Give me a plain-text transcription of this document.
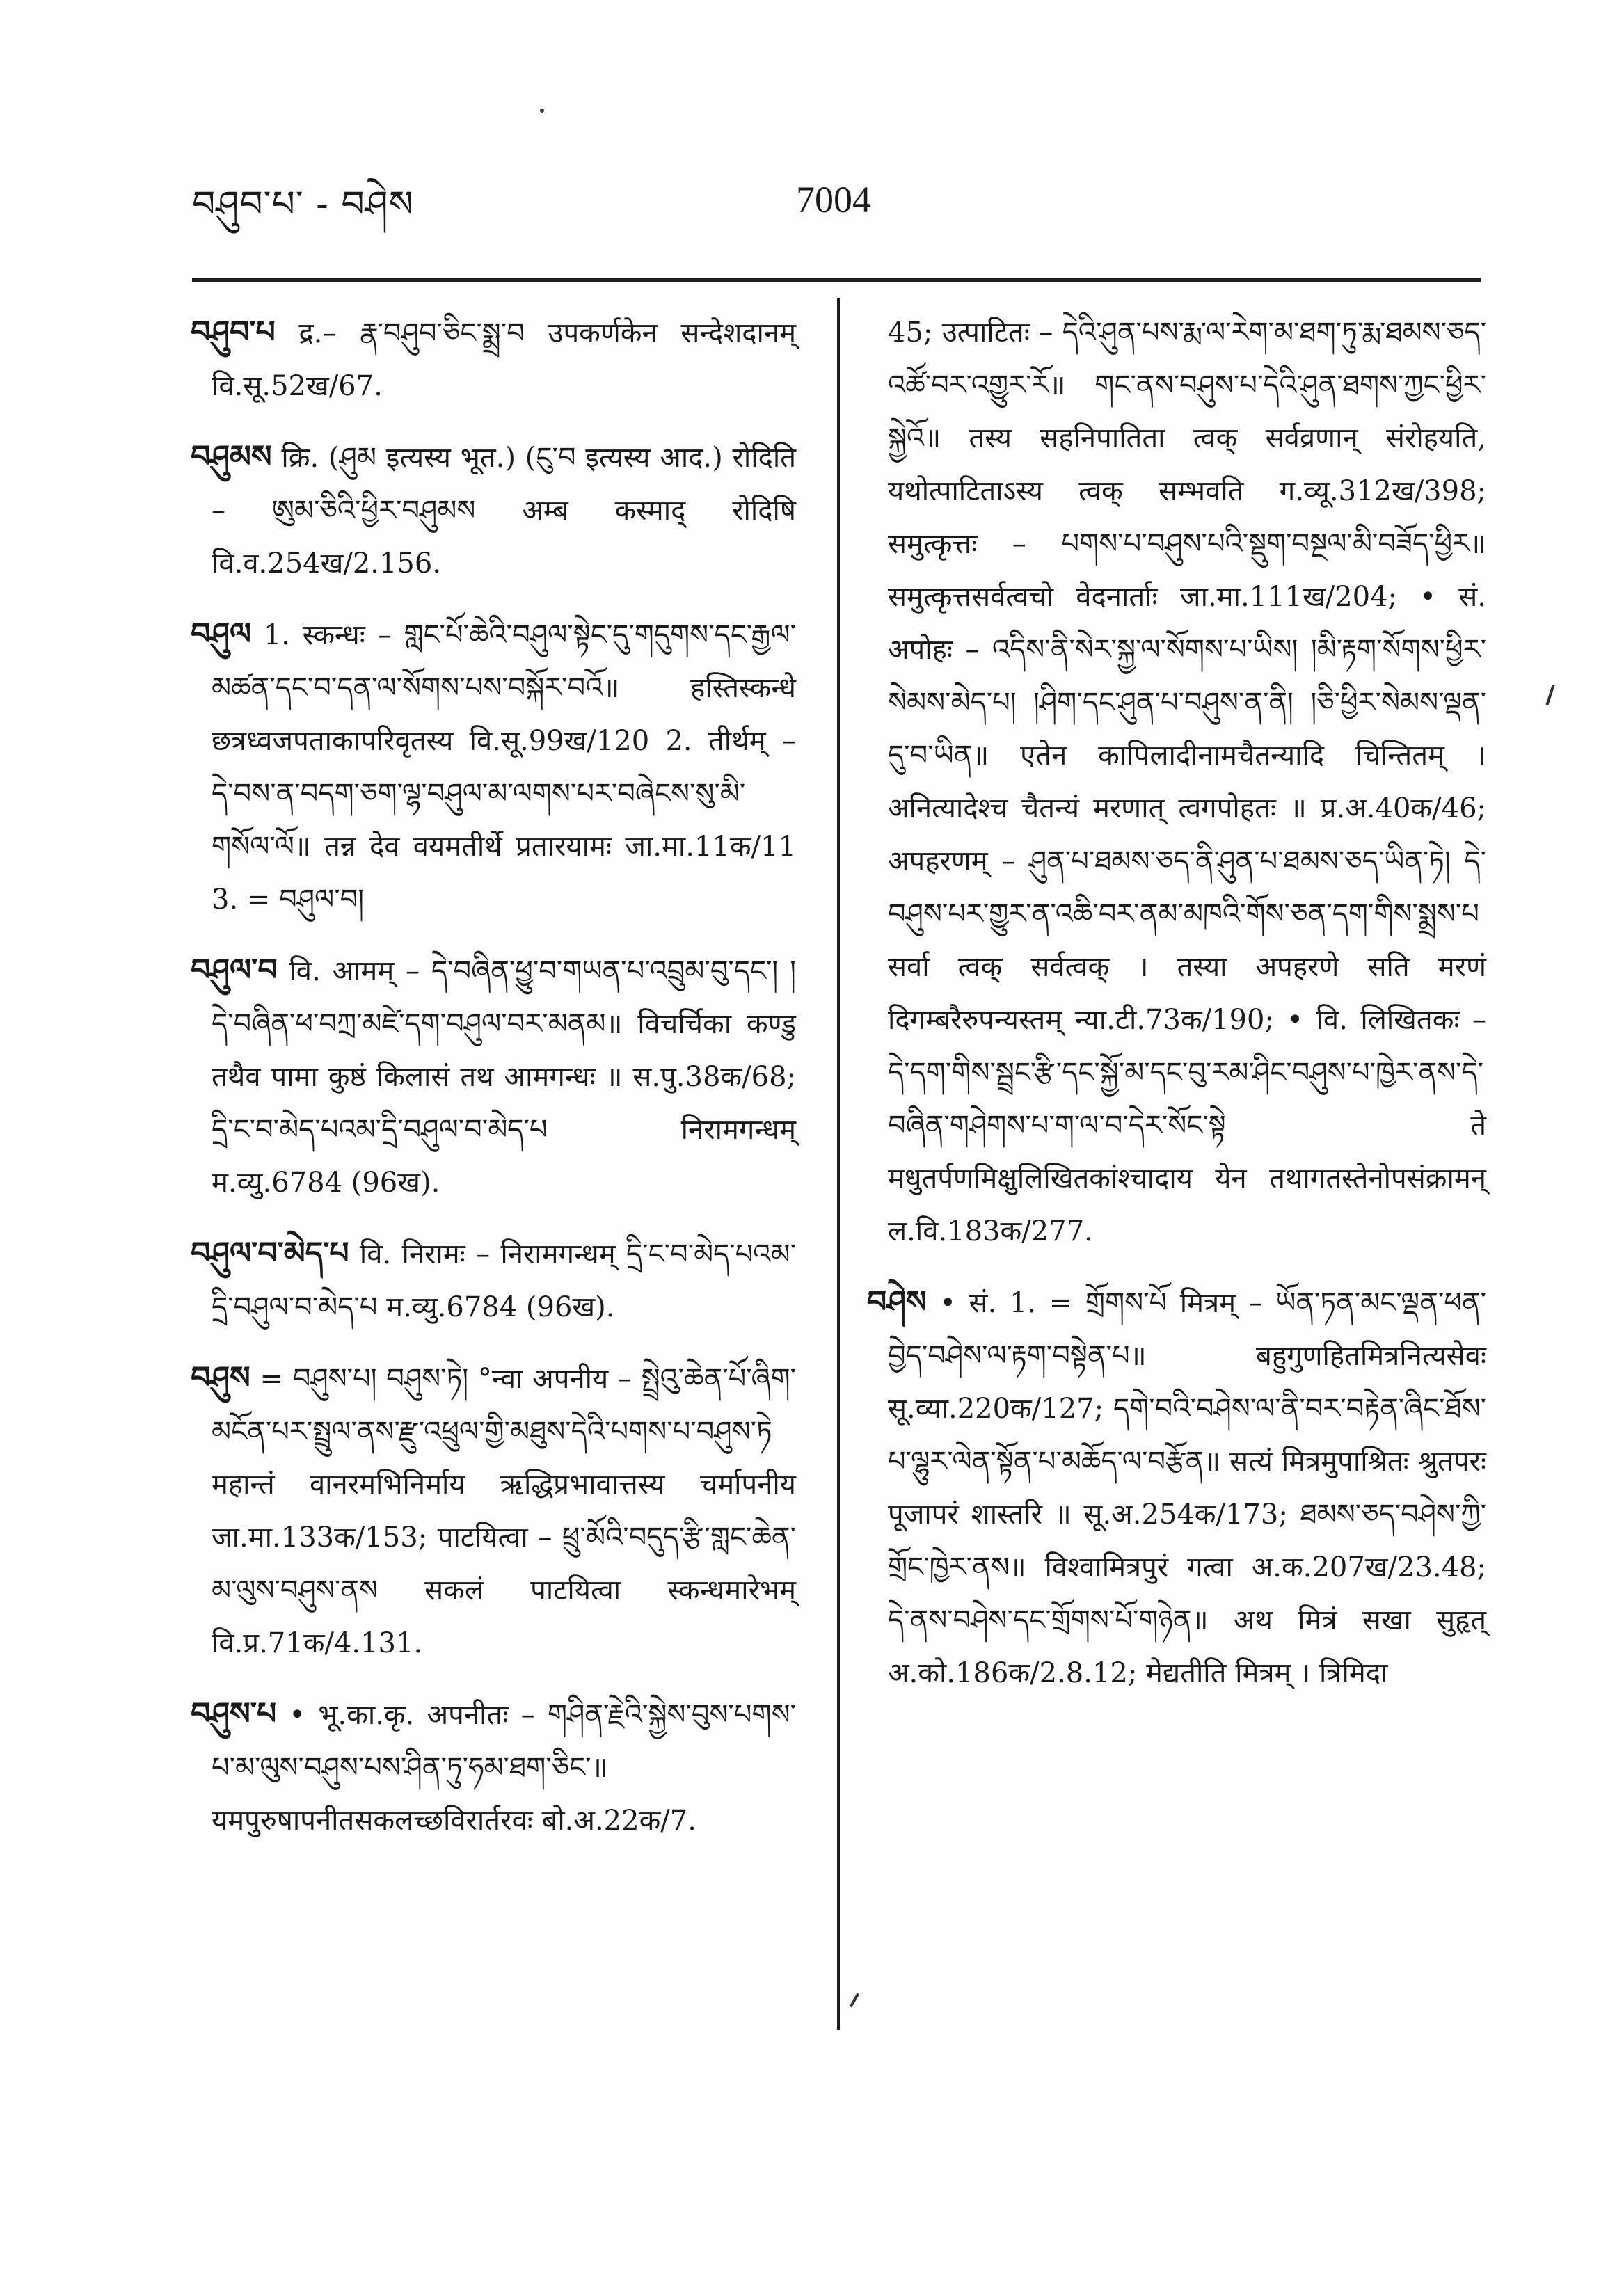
བཤུབ་པ་ - བཤེས	7004

བཤུབ་པ द्र.– རྣ་བཤུབ་ཅིང་སྨྲ་བ उपकर्णकेन सन्देशदानम् वि.सू.52ख/67.

བཤུམས क्रि. (ཤུམ इत्यस्य भूत.) (ངུ་བ इत्यस्य आद.) रोदिति – ཨུམ་ཅིའི་ཕྱིར་བཤུམས अम्ब कस्माद् रोदिषि वि.व.254ख/2.156.

བཤུལ 1. स्कन्धः – གླང་པོ་ཆེའི་བཤུལ་སྟེང་དུ་གདུགས་དང་རྒྱལ་མཚན་དང་བ་དན་ལ་སོགས་པས་བསྐོར་བའོ॥ हस्तिस्कन्धे छत्रध्वजपताकापरिवृतस्य वि.सू.99ख/120 2. तीर्थम् – དེ་བས་ན་བདག་ཅག་ལྷ་བཤུལ་མ་ལགས་པར་བཞེངས་སུ་མི་གསོལ་ལོ॥ तन्न देव वयमतीर्थे प्रतारयामः जा.मा.11क/11 3. = བཤུལ་བ།

བཤུལ་བ वि. आमम् – དེ་བཞིན་ཕྱུ་བ་གཡན་པ་འབྲུམ་བུ་དང་། །དེ་བཞིན་ཕ་བཀྲ་མཛེ་དག་བཤུལ་བར་མནམ॥ विचर्चिका कण्डु तथैव पामा कुष्ठं किलासं तथ आमगन्धः ॥ स.पु.38क/68; དྲི་ང་བ་མེད་པའམ་དྲི་བཤུལ་བ་མེད་པ निरामगन्धम् म.व्यु.6784 (96ख).

བཤུལ་བ་མེད་པ वि. निरामः – निरामगन्धम् དྲི་ང་བ་མེད་པའམ་དྲི་བཤུལ་བ་མེད་པ म.व्यु.6784 (96ख).

བཤུས = བཤུས་པ། བཤུས་ཏེ། °न्वा अपनीय – སྤྲེའུ་ཆེན་པོ་ཞིག་མངོན་པར་སྤྲུལ་ནས་རྫུ་འཕྲུལ་གྱི་མཐུས་དེའི་པགས་པ་བཤུས་ཏེ महान्तं वानरमभिनिर्माय ऋद्धिप्रभावात्तस्य चर्मापनीय जा.मा.133क/153; पाटयित्वा – ཕྲུ་མོའི་བདུད་རྩི་གླང་ཆེན་མ་ལུས་བཤུས་ནས सकलं पाटयित्वा स्कन्धमारेभम् वि.प्र.71क/4.131.

བཤུས་པ • भू.का.कृ. अपनीतः – གཤིན་རྗེའི་སྐྱེས་བུས་པགས་པ་མ་ལུས་བཤུས་པས་ཤིན་ཏུ་ཧམ་ཐག་ཅིང་॥ यमपुरुषापनीतसकलच्छविरार्तरवः बो.अ.22क/7.

45; उत्पाटितः – དེའི་ཤུན་པས་རྨ་ལ་རེག་མ་ཐག་ཏུ་རྨ་ཐམས་ཅད་འཚོ་བར་འགྱུར་རོ॥ གང་ནས་བཤུས་པ་དེའི་ཤུན་ཐགས་ཀྱང་ཕྱིར་སྐྱེའོ॥ तस्य सहनिपातिता त्वक् सर्वव्रणान् संरोहयति, यथोत्पाटिताऽस्य त्वक् सम्भवति ग.व्यू.312ख/398; समुत्कृत्तः – པགས་པ་བཤུས་པའི་སྡུག་བསྔལ་མི་བཟོད་ཕྱིར॥ समुत्कृत्तसर्वत्वचो वेदनार्ताः जा.मा.111ख/204; • सं. अपोहः – འདིས་ནི་སེར་སྐྱ་ལ་སོགས་པ་ཡིས། །མི་རྟག་སོགས་ཕྱིར་སེམས་མེད་པ། །ཤིག་དང་ཤུན་པ་བཤུས་ན་ནི། །ཅི་ཕྱིར་སེམས་ལྡན་དུ་བ་ཡིན॥ एतेन कापिलादीनामचैतन्यादि चिन्तितम् । अनित्यादेश्च चैतन्यं मरणात् त्वगपोहतः ॥ प्र.अ.40क/46; अपहरणम् – ཤུན་པ་ཐམས་ཅད་ནི་ཤུན་པ་ཐམས་ཅད་ཡིན་ཏེ། དེ་བཤུས་པར་གྱུར་ན་འཆི་བར་ནམ་མཁའི་གོས་ཅན་དག་གིས་སྨྲས་པ सर्वा त्वक् सर्वत्वक् । तस्या अपहरणे सति मरणं दिगम्बरैरुपन्यस्तम् न्या.टी.73क/190; • वि. लिखितकः – དེ་དག་གིས་སྦྲང་རྩི་དང་སྐྱོ་མ་དང་བུ་རམ་ཤིང་བཤུས་པ་ཁྱེར་ནས་དེ་བཞིན་གཤེགས་པ་ག་ལ་བ་དེར་སོང་སྟེ ते मधुतर्पणमिक्षुलिखितकांश्चादाय येन तथागतस्तेनोपसंक्रामन् ल.वि.183क/277.

བཤེས • सं. 1. = གྲོགས་པོ मित्रम् – ཡོན་ཏན་མང་ལྡན་ཕན་བྱེད་བཤེས་ལ་རྟག་བསྟེན་པ॥ बहुगुणहितमित्रनित्यसेवः सू.व्या.220क/127; དགེ་བའི་བཤེས་ལ་ནི་བར་བརྟེན་ཞིང་ཐོས་པ་ལྷུར་ལེན་སྟོན་པ་མཆོད་ལ་བརྩོན॥ सत्यं मित्रमुपाश्रितः श्रुतपरः पूजापरं शास्तरि ॥ सू.अ.254क/173; ཐམས་ཅད་བཤེས་ཀྱི་གྲོང་ཁྱེར་ནས॥ विश्वामित्रपुरं गत्वा अ.क.207ख/23.48; དེ་ནས་བཤེས་དང་གྲོགས་པོ་གཉེན॥ अथ मित्रं सखा सुहृत् अ.को.186क/2.8.12; मेद्यतीति मित्रम् । त्रिमिदा
